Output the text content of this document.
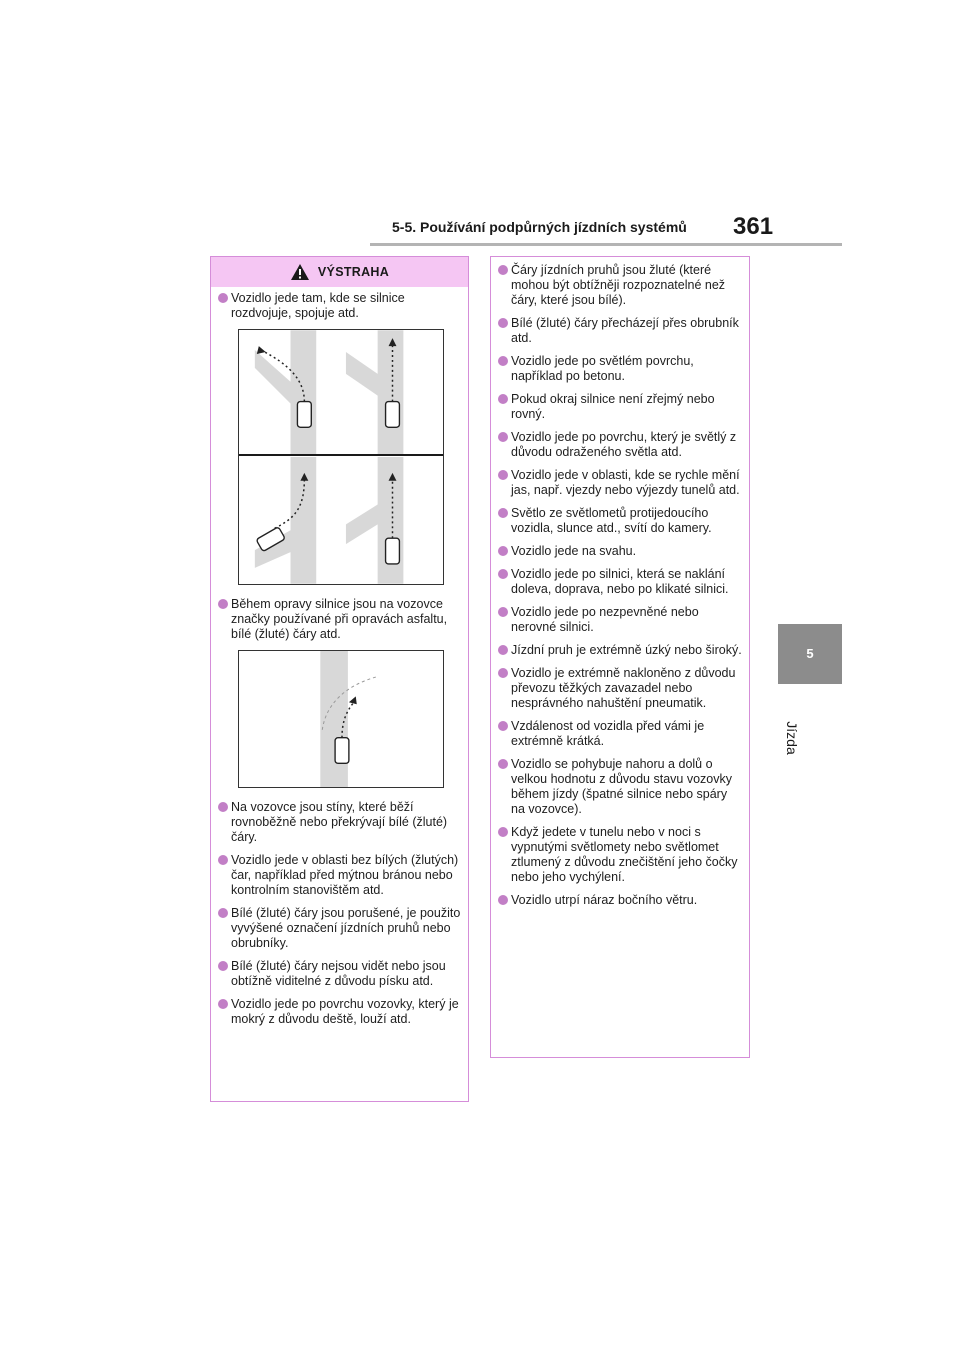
5-5. Používání podpůrných jízdních systémů 361
5
Jízda
VÝSTRAHA
Vozidlo jede tam, kde se silnice rozdvojuje, spojuje atd.
Během opravy silnice jsou na vozovce značky používané při opravách asfaltu, bílé (žluté) čáry atd.
Na vozovce jsou stíny, které běží rovnoběžně nebo překrývají bílé (žluté) čáry.
Vozidlo jede v oblasti bez bílých (žlutých) čar, například před mýtnou bránou nebo kontrolním stanovištěm atd.
Bílé (žluté) čáry jsou porušené, je použito vyvýšené označení jízdních pruhů nebo obrubníky.
Bílé (žluté) čáry nejsou vidět nebo jsou obtížně viditelné z důvodu písku atd.
Vozidlo jede po povrchu vozovky, který je mokrý z důvodu deště, louží atd.
Čáry jízdních pruhů jsou žluté (které mohou být obtížněji rozpoznatelné než čáry, které jsou bílé).
Bílé (žluté) čáry přecházejí přes obrubník atd.
Vozidlo jede po světlém povrchu, například po betonu.
Pokud okraj silnice není zřejmý nebo rovný.
Vozidlo jede po povrchu, který je světlý z důvodu odraženého světla atd.
Vozidlo jede v oblasti, kde se rychle mění jas, např. vjezdy nebo výjezdy tunelů atd.
Světlo ze světlometů protijedoucího vozidla, slunce atd., svítí do kamery.
Vozidlo jede na svahu.
Vozidlo jede po silnici, která se naklání doleva, doprava, nebo po klikaté silnici.
Vozidlo jede po nezpevněné nebo nerovné silnici.
Jízdní pruh je extrémně úzký nebo široký.
Vozidlo je extrémně nakloněno z důvodu převozu těžkých zavazadel nebo nesprávného nahuštění pneumatik.
Vzdálenost od vozidla před vámi je extrémně krátká.
Vozidlo se pohybuje nahoru a dolů o velkou hodnotu z důvodu stavu vozovky během jízdy (špatné silnice nebo spáry na vozovce).
Když jedete v tunelu nebo v noci s vypnutými světlomety nebo světlomet ztlumený z důvodu znečištění jeho čočky nebo jeho vychýlení.
Vozidlo utrpí náraz bočního větru.
